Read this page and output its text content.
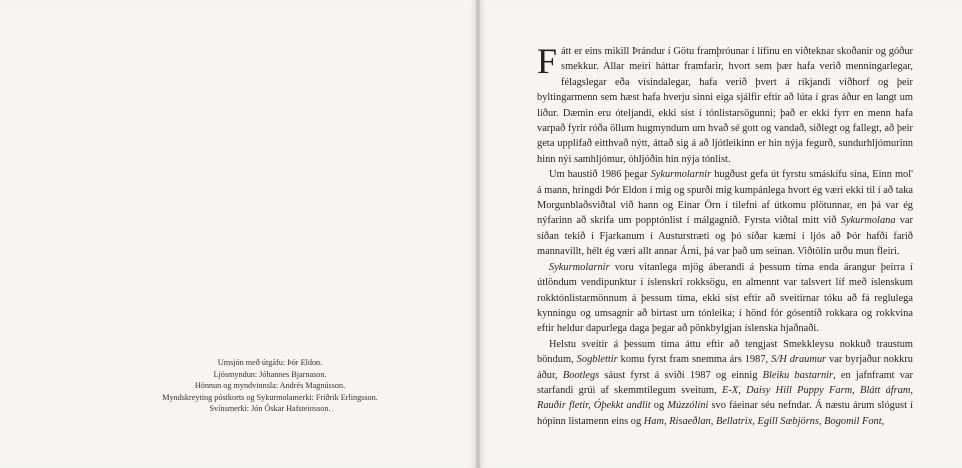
Umsjón með útgáfu: Þór Eldon.
Ljósmyndun: Jóhannes Bjarnason.
Hönnun og myndvinnsla: Andrés Magnússon.
Myndskreyting póstkorts og Sykurmolamerki: Friðrik Erlingsson.
Svínsmerki: Jón Óskar Hafsteinsson.

Fátt er eins mikill Þrándur í Götu framþróunar í lífinu en viðteknar skoðanir og góður smekkur. Allar meiri háttar framfarir, hvort sem þær hafa verið menningarlegar, félagslegar eða vísindalegar, hafa verið þvert á ríkjandi viðhorf og þeir byltingarmenn sem hæst hafa hverju sinni eiga sjálfir eftir að lúta í gras áður en langt um líður. Dæmin eru óteljandi, ekki síst í tónlistarsögunni; það er ekki fyrr en menn hafa varpað fyrir róða öllum hugmyndum um hvað sé gott og vandað, siðlegt og fallegt, að þeir geta upplifað eitthvað nýtt, áttað sig á að ljótleikinn er hin nýja fegurð, sundurhljómurinn hinn nýi samhljómur, óhljóðin hin nýja tónlist.

Um haustið 1986 þegar Sykurmolarnir hugðust gefa út fyrstu smáskífu sína, Einn mol' á mann, hringdi Þór Eldon í mig og spurði mig kumpánlega hvort ég væri ekki til í að taka Morgunblaðsviðtal við hann og Einar Örn í tilefni af útkomu plötunnar, en þá var ég nýfarinn að skrifa um popptónlist í málgagnið. Fyrsta viðtal mitt við Sykurmolana var síðan tekið í Fjarkanum í Austurstræti og þó síðar kæmi í ljós að Þór hafði farið mannavillt, hélt ég væri allt annar Árni, þá var það um seinan. Viðtölin urðu mun fleiri.

Sykurmolarnir voru vitanlega mjög áberandi á þessum tíma enda árangur þeirra í útlöndum vendipunktur í íslenskri rokksögu, en almennt var talsvert líf með íslenskum rokktónlistarmönnum á þessum tíma, ekki síst eftir að sveitirnar tóku að fá reglulega kynningu og umsagnir að birtast um tónleika; í hönd fór gósentíð rokkara og rokkvina eftir heldur dapurlega daga þegar að pönkbylgjan íslenska hjaðnaði.

Helstu sveitir á þessum tíma áttu eftir að tengjast Smekkleysu nokkuð traustum böndum, Sogblettir komu fyrst fram snemma árs 1987, S/H draumur var byrjaður nokkru áður, Bootlegs sáust fyrst á sviði 1987 og einnig Bleiku bastarnir, en jafnframt var starfandi grúi af skemmtilegum sveitum, E-X, Daisy Hill Puppy Farm, Blátt áfram, Rauðir fletir, Óþekkt andlit og Múzzólíni svo fáeinar séu nefndar. Á næstu árum slógust í hópinn listamenn eins og Ham, Risaeðlan, Bellatrix, Egill Sæbjörns, Bogomil Font,
